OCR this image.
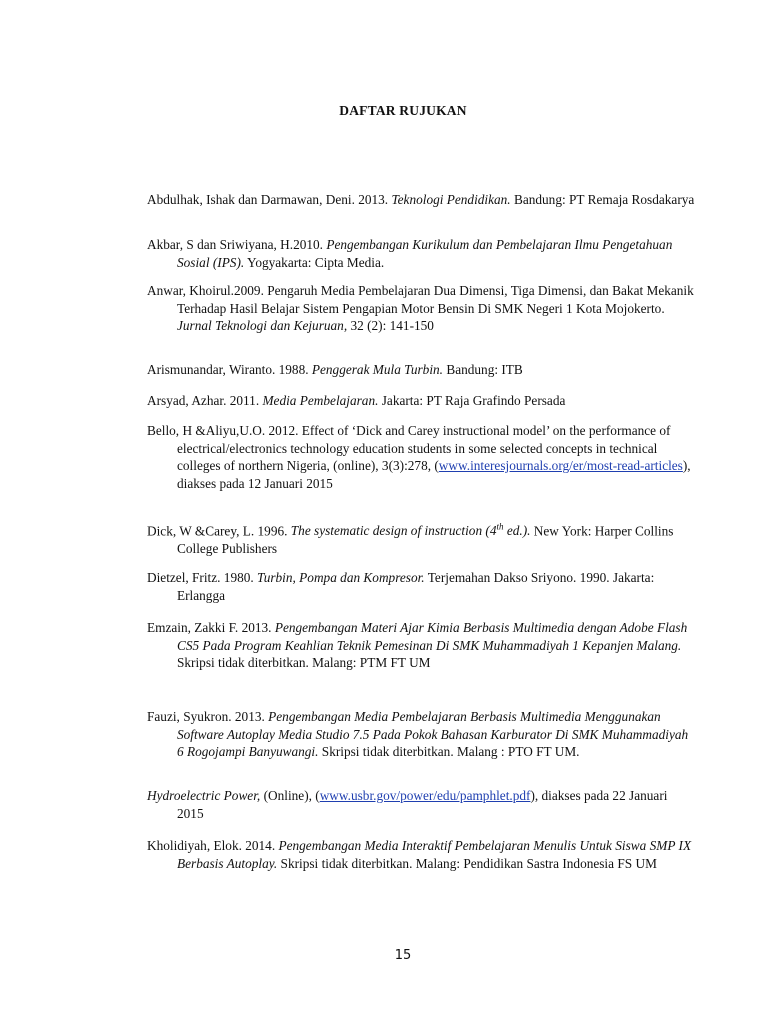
DAFTAR RUJUKAN
Abdulhak, Ishak dan Darmawan, Deni. 2013. Teknologi Pendidikan. Bandung: PT Remaja Rosdakarya
Akbar, S dan Sriwiyana, H.2010. Pengembangan Kurikulum dan Pembelajaran Ilmu Pengetahuan Sosial (IPS). Yogyakarta: Cipta Media.
Anwar, Khoirul.2009. Pengaruh Media Pembelajaran Dua Dimensi, Tiga Dimensi, dan Bakat Mekanik Terhadap Hasil Belajar Sistem Pengapian Motor Bensin Di SMK Negeri 1 Kota Mojokerto. Jurnal Teknologi dan Kejuruan, 32 (2): 141-150
Arismunandar, Wiranto. 1988. Penggerak Mula Turbin. Bandung: ITB
Arsyad, Azhar. 2011. Media Pembelajaran. Jakarta: PT Raja Grafindo Persada
Bello, H &Aliyu,U.O. 2012. Effect of ‘Dick and Carey instructional model’ on the performance of electrical/electronics technology education students in some selected concepts in technical colleges of northern Nigeria, (online), 3(3):278, (www.interesjournals.org/er/most-read-articles), diakses pada 12 Januari 2015
Dick, W &Carey, L. 1996. The systematic design of instruction (4th ed.). New York: Harper Collins College Publishers
Dietzel, Fritz. 1980. Turbin, Pompa dan Kompresor. Terjemahan Dakso Sriyono. 1990. Jakarta: Erlangga
Emzain, Zakki F. 2013. Pengembangan Materi Ajar Kimia Berbasis Multimedia dengan Adobe Flash CS5 Pada Program Keahlian Teknik Pemesinan Di SMK Muhammadiyah 1 Kepanjen Malang. Skripsi tidak diterbitkan. Malang: PTM FT UM
Fauzi, Syukron. 2013. Pengembangan Media Pembelajaran Berbasis Multimedia Menggunakan Software Autoplay Media Studio 7.5 Pada Pokok Bahasan Karburator Di SMK Muhammadiyah 6 Rogojampi Banyuwangi. Skripsi tidak diterbitkan. Malang : PTO FT UM.
Hydroelectric Power, (Online), (www.usbr.gov/power/edu/pamphlet.pdf), diakses pada 22 Januari 2015
Kholidiyah, Elok. 2014. Pengembangan Media Interaktif Pembelajaran Menulis Untuk Siswa SMP IX Berbasis Autoplay. Skripsi tidak diterbitkan. Malang: Pendidikan Sastra Indonesia FS UM
15
